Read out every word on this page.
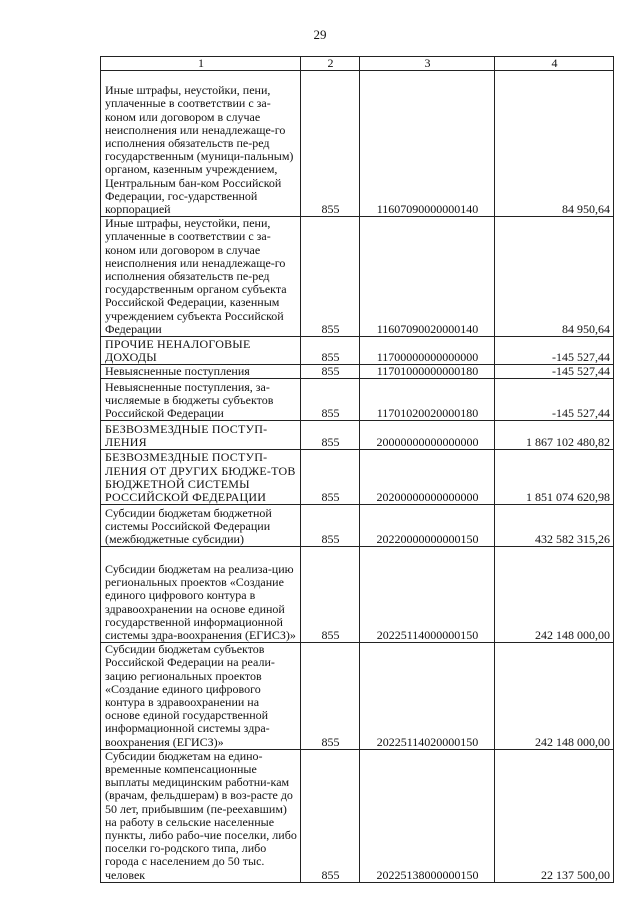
29
1	2	3	4
Иные штрафы, неустойки, пени, уплаченные в соответствии с за-коном или договором в случае неисполнения или ненадлежаще-го исполнения обязательств пе-ред государственным (муници-пальным) органом, казенным учреждением, Центральным бан-ком Российской Федерации, гос-ударственной корпорацией	855	11607090000000140	84 950,64
Иные штрафы, неустойки, пени, уплаченные в соответствии с за-коном или договором в случае неисполнения или ненадлежаще-го исполнения обязательств пе-ред государственным органом субъекта Российской Федерации, казенным учреждением субъекта Российской Федерации	855	11607090020000140	84 950,64
ПРОЧИЕ НЕНАЛОГОВЫЕ ДОХОДЫ	855	11700000000000000	-145 527,44
Невыясненные поступления	855	11701000000000180	-145 527,44
Невыясненные поступления, за-числяемые в бюджеты субъектов Российской Федерации	855	11701020020000180	-145 527,44
БЕЗВОЗМЕЗДНЫЕ ПОСТУП-ЛЕНИЯ	855	20000000000000000	1 867 102 480,82
БЕЗВОЗМЕЗДНЫЕ ПОСТУП-ЛЕНИЯ ОТ ДРУГИХ БЮДЖЕ-ТОВ БЮДЖЕТНОЙ СИСТЕМЫ РОССИЙСКОЙ ФЕДЕРАЦИИ	855	20200000000000000	1 851 074 620,98
Субсидии бюджетам бюджетной системы Российской Федерации (межбюджетные субсидии)	855	20220000000000150	432 582 315,26
Субсидии бюджетам на реализа-цию региональных проектов «Создание единого цифрового контура в здравоохранении на основе единой государственной информационной системы здра-воохранения (ЕГИСЗ)»	855	20225114000000150	242 148 000,00
Субсидии бюджетам субъектов Российской Федерации на реали-зацию региональных проектов «Создание единого цифрового контура в здравоохранении на основе единой государственной информационной системы здра-воохранения (ЕГИСЗ)»	855	20225114020000150	242 148 000,00
Субсидии бюджетам на едино-временные компенсационные выплаты медицинским работни-кам (врачам, фельдшерам) в воз-расте до 50 лет, прибывшим (пе-реехавшим) на работу в сельские населенные пункты, либо рабо-чие поселки, либо поселки го-родского типа, либо города с населением до 50 тыс. человек	855	20225138000000150	22 137 500,00
